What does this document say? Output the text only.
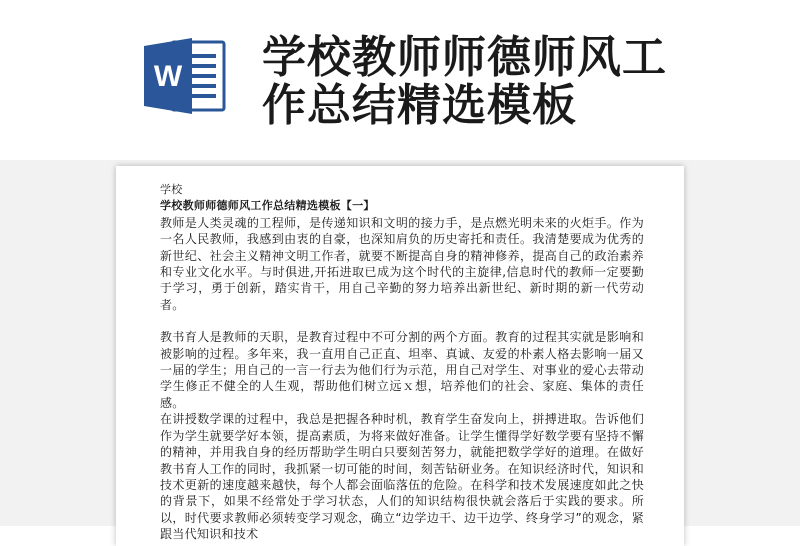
W 学校教师师德师风工作总结精选模板

学校

学校教师师德师风工作总结精选模板【一】

教师是人类灵魂的工程师，是传递知识和文明的接力手，是点燃光明未来的火炬手。作为一名人民教师，我感到由衷的自豪，也深知肩负的历史寄托和责任。我清楚要成为优秀的新世纪、社会主义精神文明工作者，就要不断提高自身的精神修养，提高自己的政治素养和专业文化水平。与时俱进,开拓进取已成为这个时代的主旋律,信息时代的教师一定要勤于学习，勇于创新，踏实肯干，用自己辛勤的努力培养出新世纪、新时期的新一代劳动者。

教书育人是教师的天职，是教育过程中不可分割的两个方面。教育的过程其实就是影响和被影响的过程。多年来，我一直用自己正直、坦率、真诚、友爱的朴素人格去影响一届又一届的学生；用自己的一言一行去为他们行为示范，用自己对学生、对事业的爱心去带动学生修正不健全的人生观，帮助他们树立远ｘ想，培养他们的社会、家庭、集体的责任感。

在讲授数学课的过程中，我总是把握各种时机，教育学生奋发向上，拼搏进取。告诉他们作为学生就要学好本领，提高素质，为将来做好准备。让学生懂得学好数学要有坚持不懈的精神，并用我自身的经历帮助学生明白只要刻苦努力，就能把数学学好的道理。在做好教书育人工作的同时，我抓紧一切可能的时间，刻苦钻研业务。在知识经济时代，知识和技术更新的速度越来越快，每个人都会面临落伍的危险。在科学和技术发展速度如此之快的背景下，如果不经常处于学习状态，人们的知识结构很快就会落后于实践的要求。所以，时代要求教师必须转变学习观念，确立“边学边干、边干边学、终身学习”的观念，紧跟当代知识和技术
